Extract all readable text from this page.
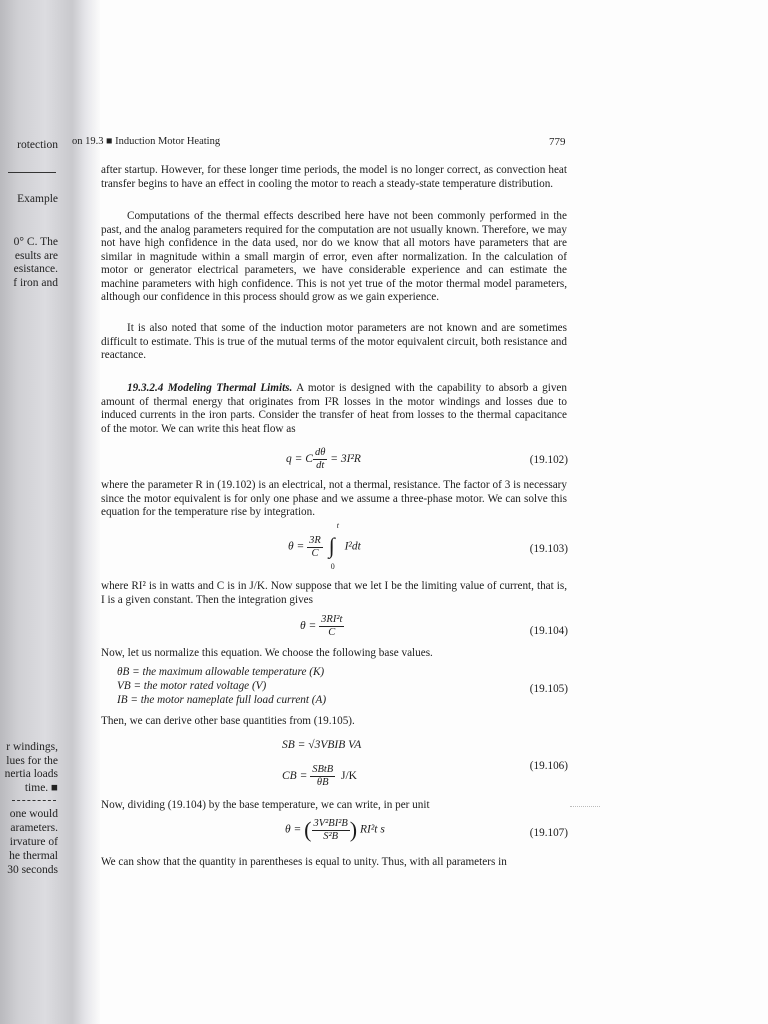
rotection
Example
0° C. The
esults are
esistance.
f iron and
r windings,
lues for the
nertia loads
time. ■
one would
arameters.
irvature of
he thermal
30 seconds
on 19.3 ■ Induction Motor Heating	779
after startup. However, for these longer time periods, the model is no longer correct, as convection heat transfer begins to have an effect in cooling the motor to reach a steady-state temperature distribution.
Computations of the thermal effects described here have not been commonly performed in the past, and the analog parameters required for the computation are not usually known. Therefore, we may not have high confidence in the data used, nor do we know that all motors have parameters that are similar in magnitude within a small margin of error, even after normalization. In the calculation of motor or generator electrical parameters, we have considerable experience and can estimate the machine parameters with high confidence. This is not yet true of the motor thermal model parameters, although our confidence in this process should grow as we gain experience.
It is also noted that some of the induction motor parameters are not known and are sometimes difficult to estimate. This is true of the mutual terms of the motor equivalent circuit, both resistance and reactance.
19.3.2.4 Modeling Thermal Limits. A motor is designed with the capability to absorb a given amount of thermal energy that originates from I²R losses in the motor windings and losses due to induced currents in the iron parts. Consider the transfer of heat from losses to the thermal capacitance of the motor. We can write this heat flow as
q = C $\frac{d\theta}{dt} = 3I^2R$	(19.102)
where the parameter R in (19.102) is an electrical, not a thermal, resistance. The factor of 3 is necessary since the motor equivalent is for only one phase and we assume a three-phase motor. We can solve this equation for the temperature rise by integration.
$\theta = \frac{3R}{C}$
∫
t
0
I²dt	(19.103)
where RI² is in watts and C is in J/K. Now suppose that we let I be the limiting value of current, that is, I is a given constant. Then the integration gives
$\theta = \frac{\text{3RI²t}}{C}$	(19.104)
Now, let us normalize this equation. We choose the following base values.
θB = the maximum allowable temperature (K)
VB = the motor rated voltage (V)
IB = the motor nameplate full load current (A)
(19.105)
Then, we can derive other base quantities from (19.105).
SB = √3VBIB VA
CB = $\frac{\text{SBtB}}{\theta B} J/K$
(19.106)
Now, dividing (19.104) by the base temperature, we can write, in per unit
θ = ( $\frac{\text{3V²BI²B}}{\text{S²B}}$ ) RI²t s	(19.107)
We can show that the quantity in parentheses is equal to unity. Thus, with all parameters in
